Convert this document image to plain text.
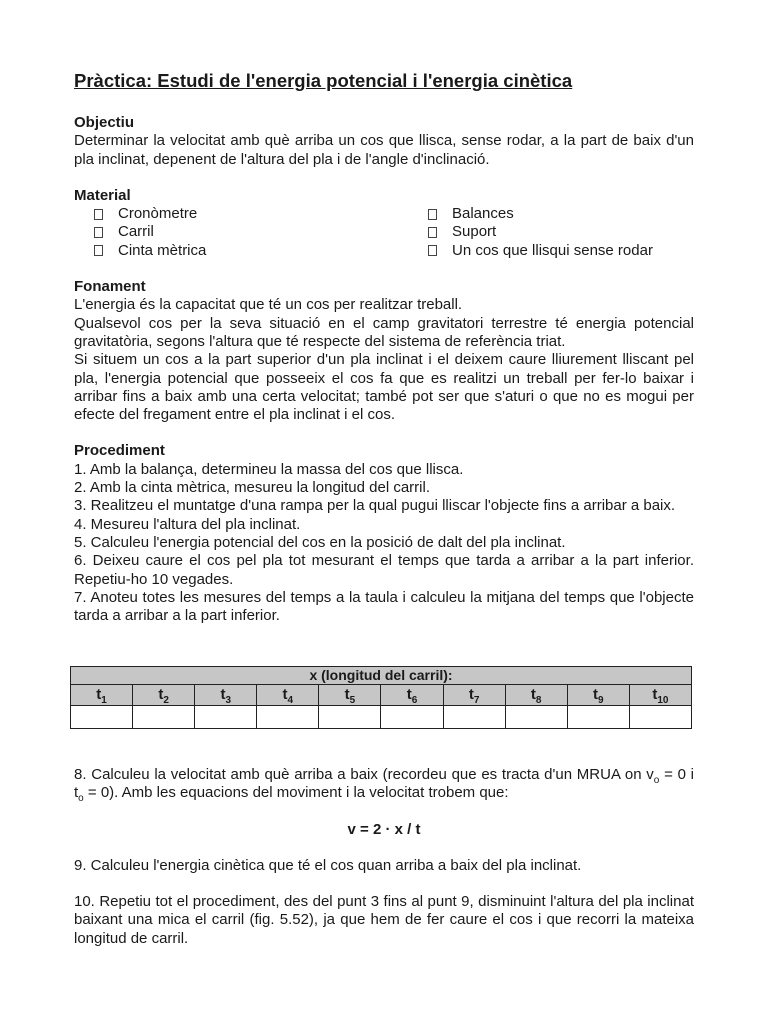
Pràctica: Estudi de l'energia potencial i l'energia cinètica
Objectiu

Determinar la velocitat amb què arriba un cos que llisca, sense rodar, a la part de baix d'un pla inclinat, depenent de l'altura del pla i de l'angle d'inclinació.

Material
Cronòmetre
Carril
Cinta mètrica
Balances
Suport
Un cos que llisqui sense rodar
Fonament

L'energia és la capacitat que té un cos per realitzar treball.

Qualsevol cos per la seva situació en el camp gravitatori terrestre té energia potencial gravitatòria, segons l'altura que té respecte del sistema de referència triat.

Si situem un cos a la part superior d'un pla inclinat i el deixem caure lliurement lliscant pel pla, l'energia potencial que posseeix el cos fa que es realitzi un treball per fer-lo baixar i arribar fins a baix amb una certa velocitat; també pot ser que s'aturi o que no es mogui per efecte del fregament entre el pla inclinat i el cos.

Procediment

1. Amb la balança, determineu la massa del cos que llisca.

2. Amb la cinta mètrica, mesureu la longitud del carril.

3. Realitzeu el muntatge d'una rampa per la qual pugui lliscar l'objecte fins a arribar a baix.

4. Mesureu l'altura del pla inclinat.

5. Calculeu l'energia potencial del cos en la posició de dalt del pla inclinat.

6. Deixeu caure el cos pel pla tot mesurant el temps que tarda a arribar a la part inferior. Repetiu-ho 10 vegades.

7. Anoteu totes les mesures del temps a la taula i calculeu la mitjana del temps que l'objecte tarda a arribar a la part inferior.

x (longitud del carril):									
$t_1$	$t_2$	$t_3$	$t_4$	$t_5$	$t_6$	$t_7$	$t_8$	$t_9$	$t_{10}$

8. Calculeu la velocitat amb què arriba a baix (recordeu que es tracta d'un MRUA on $v_o = 0$ i $t_o = 0$). Amb les equacions del moviment i la velocitat trobem que:

v = 2 · x / t

9. Calculeu l'energia cinètica que té el cos quan arriba a baix del pla inclinat.

10. Repetiu tot el procediment, des del punt 3 fins al punt 9, disminuint l'altura del pla inclinat baixant una mica el carril (fig. 5.52), ja que hem de fer caure el cos i que recorri la mateixa longitud de carril.
